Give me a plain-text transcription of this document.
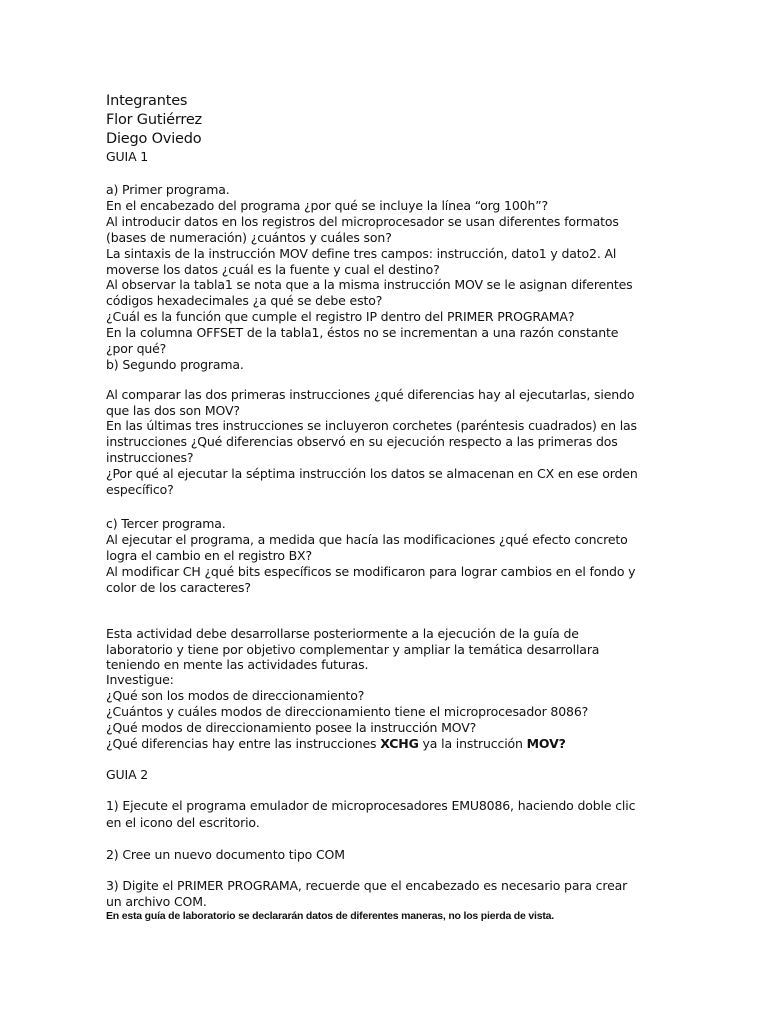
Integrantes
Flor Gutiérrez
Diego Oviedo
GUIA 1
a) Primer programa.
En el encabezado del programa ¿por qué se incluye la línea “org 100h”?
Al introducir datos en los registros del microprocesador se usan diferentes formatos
(bases de numeración) ¿cuántos y cuáles son?
La sintaxis de la instrucción MOV define tres campos: instrucción, dato1 y dato2. Al
moverse los datos ¿cuál es la fuente y cual el destino?
Al observar la tabla1 se nota que a la misma instrucción MOV se le asignan diferentes
códigos hexadecimales ¿a qué se debe esto?
¿Cuál es la función que cumple el registro IP dentro del PRIMER PROGRAMA?
En la columna OFFSET de la tabla1, éstos no se incrementan a una razón constante
¿por qué?
b) Segundo programa.
Al comparar las dos primeras instrucciones ¿qué diferencias hay al ejecutarlas, siendo
que las dos son MOV?
En las últimas tres instrucciones se incluyeron corchetes (paréntesis cuadrados) en las
instrucciones ¿Qué diferencias observó en su ejecución respecto a las primeras dos
instrucciones?
¿Por qué al ejecutar la séptima instrucción los datos se almacenan en CX en ese orden
específico?
c) Tercer programa.
Al ejecutar el programa, a medida que hacía las modificaciones ¿qué efecto concreto
logra el cambio en el registro BX?
Al modificar CH ¿qué bits específicos se modificaron para lograr cambios en el fondo y
color de los caracteres?
Esta actividad debe desarrollarse posteriormente a la ejecución de la guía de
laboratorio y tiene por objetivo complementar y ampliar la temática desarrollara
teniendo en mente las actividades futuras.
Investigue:
¿Qué son los modos de direccionamiento?
¿Cuántos y cuáles modos de direccionamiento tiene el microprocesador 8086?
¿Qué modos de direccionamiento posee la instrucción MOV?
¿Qué diferencias hay entre las instrucciones XCHG ya la instrucción MOV?
GUIA 2
1) Ejecute el programa emulador de microprocesadores EMU8086, haciendo doble clic
en el icono del escritorio.
2) Cree un nuevo documento tipo COM
3) Digite el PRIMER PROGRAMA, recuerde que el encabezado es necesario para crear
un archivo COM.
En esta guía de laboratorio se declararán datos de diferentes maneras, no los pierda de vista.
